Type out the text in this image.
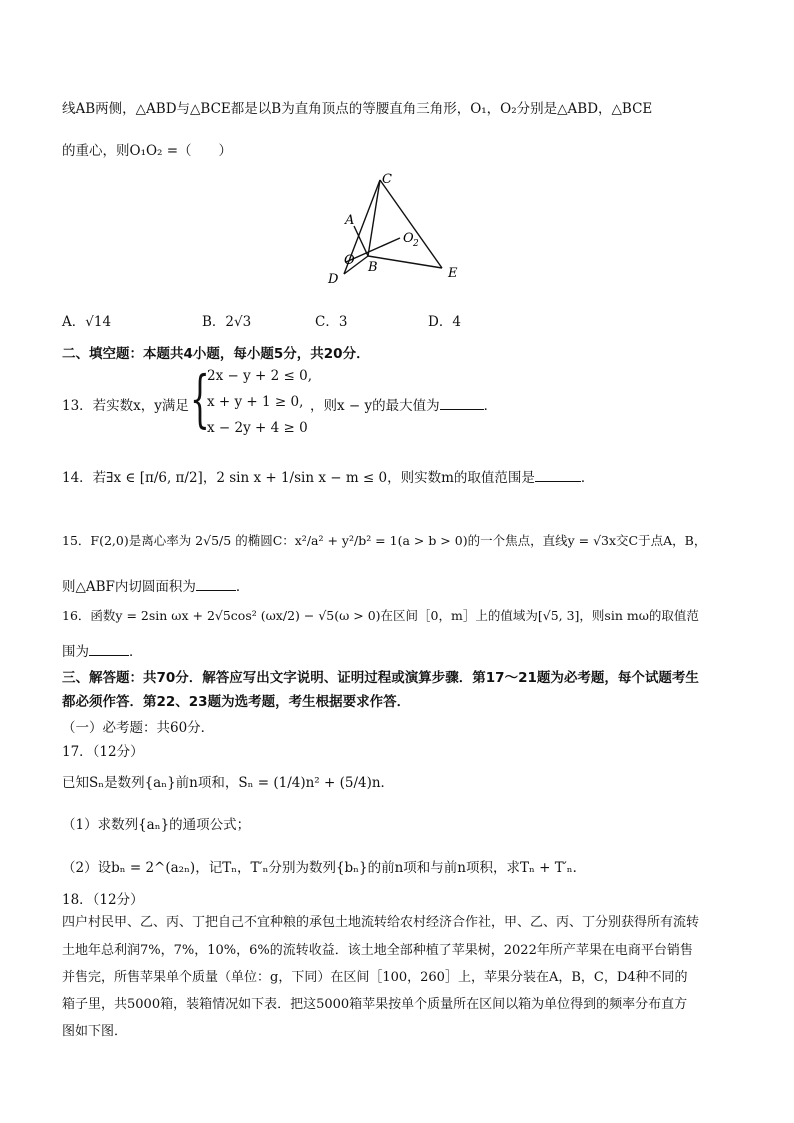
线AB两侧，△ABD与△BCE都是以B为直角顶点的等腰直角三角形，O₁，O₂分别是△ABD，△BCE
的重心，则O₁O₂ =（　　）
C
A
O 2
O B
D	E
A．√14	B．2√3	C．3	D．4
二、填空题：本题共4小题，每小题5分，共20分．
13．若实数x，y满足 {
2x − y + 2 ≤ 0,
x + y + 1 ≥ 0,
x − 2y + 4 ≥ 0
，则x − y的最大值为	．
14．若∃x ∈ [π/6, π/2]，2 sin x + 1/sin x − m ≤ 0，则实数m的取值范围是	．
15．F(2,0)是离心率为 2√5/5 的椭圆C：x²/a² + y²/b² = 1(a > b > 0)的一个焦点，直线y = √3x交C于点A，B，
则△ABF内切圆面积为	．
16．函数y = 2sin ωx + 2√5cos² (ωx/2) − √5(ω > 0)在区间［0，m］上的值域为[√5, 3]，则sin mω的取值范
围为	．
三、解答题：共70分．解答应写出文字说明、证明过程或演算步骤．第17～21题为必考题，每个试题考生
都必须作答．第22、23题为选考题，考生根据要求作答．
（一）必考题：共60分．
17．（12分）
已知Sₙ是数列{aₙ}前n项和，Sₙ = (1/4)n² + (5/4)n．
（1）求数列{aₙ}的通项公式；
（2）设bₙ = 2^(a₂ₙ)，记Tₙ，T′ₙ分别为数列{bₙ}的前n项和与前n项积，求Tₙ + T′ₙ．
18．（12分）
四户村民甲、乙、丙、丁把自己不宜种粮的承包土地流转给农村经济合作社，甲、乙、丙、丁分别获得所有流转
土地年总利润7%，7%，10%，6%的流转收益．该土地全部种植了苹果树，2022年所产苹果在电商平台销售
并售完，所售苹果单个质量（单位：g，下同）在区间［100，260］上，苹果分装在A，B，C，D4种不同的
箱子里，共5000箱，装箱情况如下表．把这5000箱苹果按单个质量所在区间以箱为单位得到的频率分布直方
图如下图．
